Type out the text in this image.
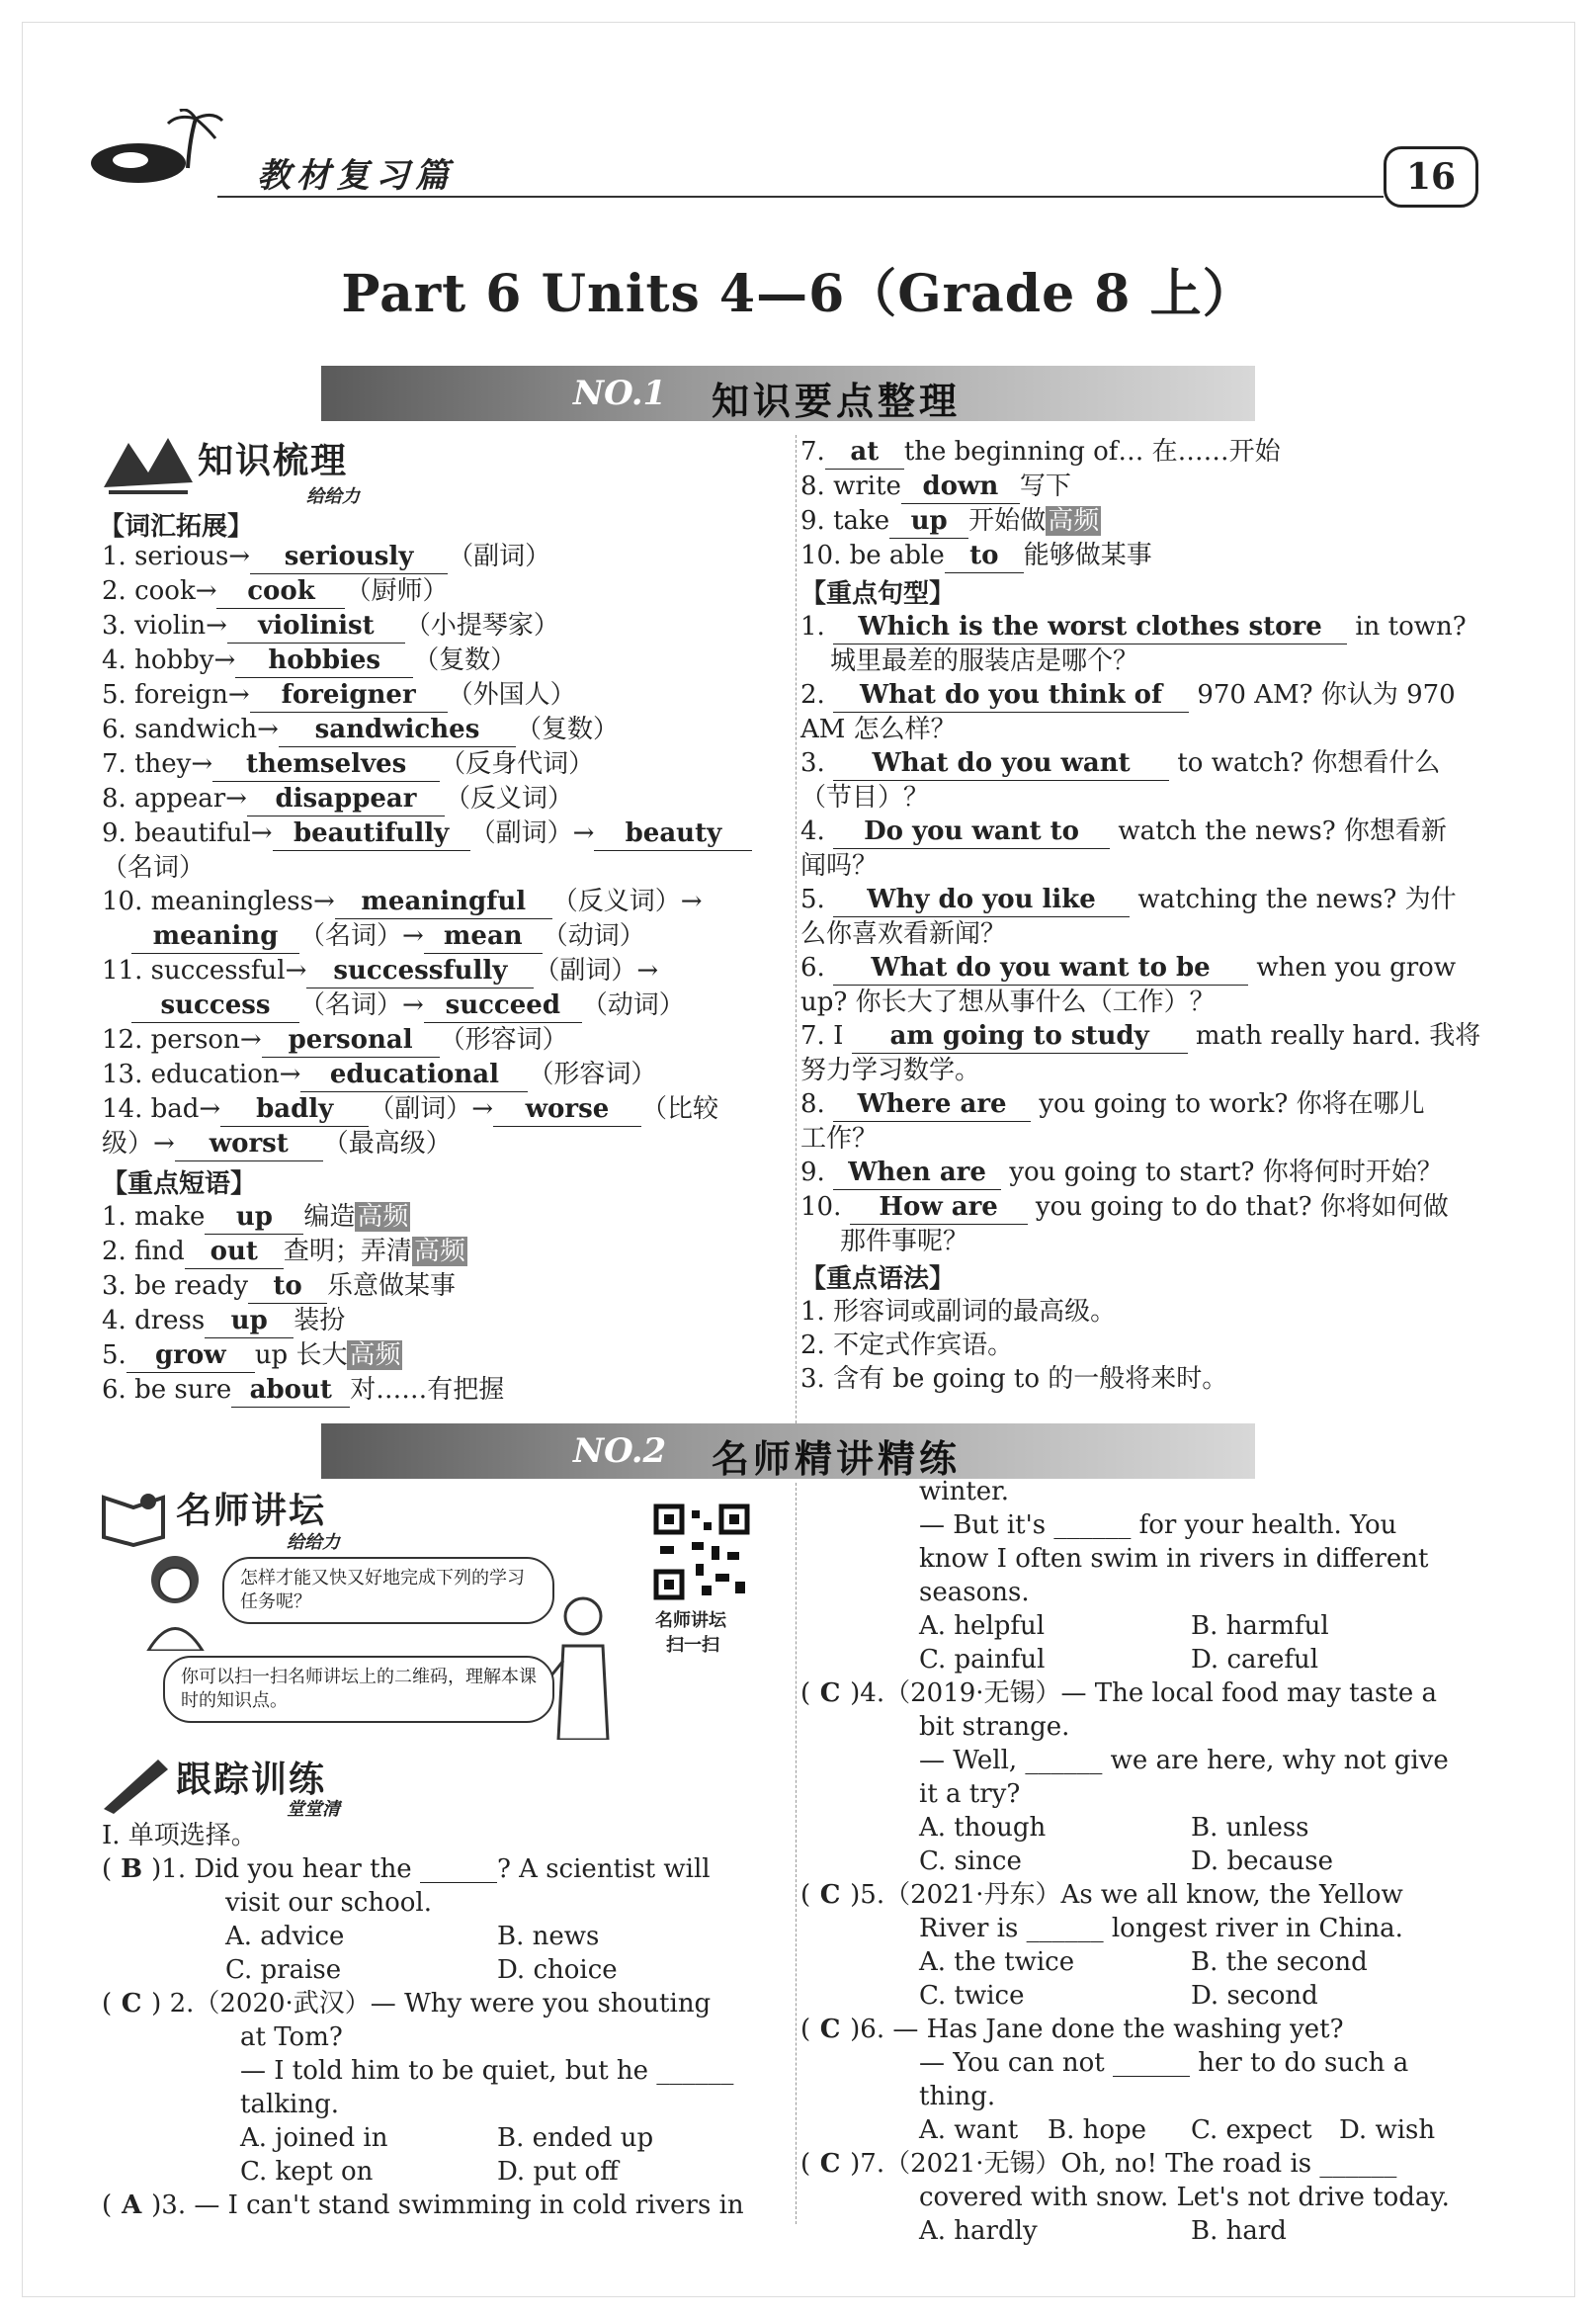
教材复习篇	16
Part 6 Units 4—6（Grade 8 上）
NO.1 知识要点整理
知识梳理
给给力
【词汇拓展】
1. serious→ seriously （副词）
2. cook→ cook （厨师）
3. violin→ violinist （小提琴家）
4. hobby→ hobbies （复数）
5. foreign→ foreigner （外国人）
6. sandwich→ sandwiches （复数）
7. they→ themselves （反身代词）
8. appear→ disappear （反义词）
9. beautiful→ beautifully （副词）→ beauty
（名词）
10. meaningless→ meaningful （反义词）→
meaning （名词）→ mean （动词）
11. successful→ successfully （副词）→
success （名词）→ succeed （动词）
12. person→ personal （形容词）
13. education→ educational （形容词）
14. bad→ badly （副词）→ worse （比较
级）→ worst （最高级）
【重点短语】
1. make up 编造高频
2. find out 查明；弄清高频
3. be ready to 乐意做某事
4. dress up 装扮
5. grow up 长大高频
6. be sure about 对……有把握
7. at the beginning of… 在……开始
8. write down 写下
9. take up 开始做高频
10. be able to 能够做某事
【重点句型】
1. Which is the worst clothes store in town?
城里最差的服装店是哪个？
2. What do you think of 970 AM? 你认为 970
AM 怎么样？
3. What do you want to watch? 你想看什么
（节目）？
4. Do you want to watch the news? 你想看新
闻吗？
5. Why do you like watching the news? 为什
么你喜欢看新闻？
6. What do you want to be when you grow
up? 你长大了想从事什么（工作）？
7. I am going to study math really hard. 我将
努力学习数学。
8. Where are you going to work? 你将在哪儿
工作？
9. When are you going to start? 你将何时开始？
10. How are you going to do that? 你将如何做
那件事呢？
【重点语法】
1. 形容词或副词的最高级。
2. 不定式作宾语。
3. 含有 be going to 的一般将来时。
NO.2 名师精讲精练
名师讲坛
给给力
怎样才能又快又好地完成下列的学习任务呢？
你可以扫一扫名师讲坛上的二维码，理解本课时的知识点。
名师讲坛
扫一扫
跟踪训练
堂堂清
Ⅰ. 单项选择。
( B )1. Did you hear the ______? A scientist will
visit our school.
A. advice	B. news
C. praise	D. choice
( C ) 2.（2020·武汉）— Why were you shouting
at Tom?
— I told him to be quiet, but he ______
talking.
A. joined in	B. ended up
C. kept on	D. put off
( A )3. — I can't stand swimming in cold rivers in
winter.
— But it's ______ for your health. You
know I often swim in rivers in different
seasons.
A. helpful	B. harmful
C. painful	D. careful
( C )4.（2019·无锡）— The local food may taste a
bit strange.
— Well, ______ we are here, why not give
it a try?
A. though	B. unless
C. since	D. because
( C )5.（2021·丹东）As we all know, the Yellow
River is ______ longest river in China.
A. the twice	B. the second
C. twice	D. second
( C )6. — Has Jane done the washing yet?
— You can not ______ her to do such a
thing.
A. want B. hope C. expect D. wish
( C )7.（2021·无锡）Oh, no! The road is ______
covered with snow. Let's not drive today.
A. hardly	B. hard
